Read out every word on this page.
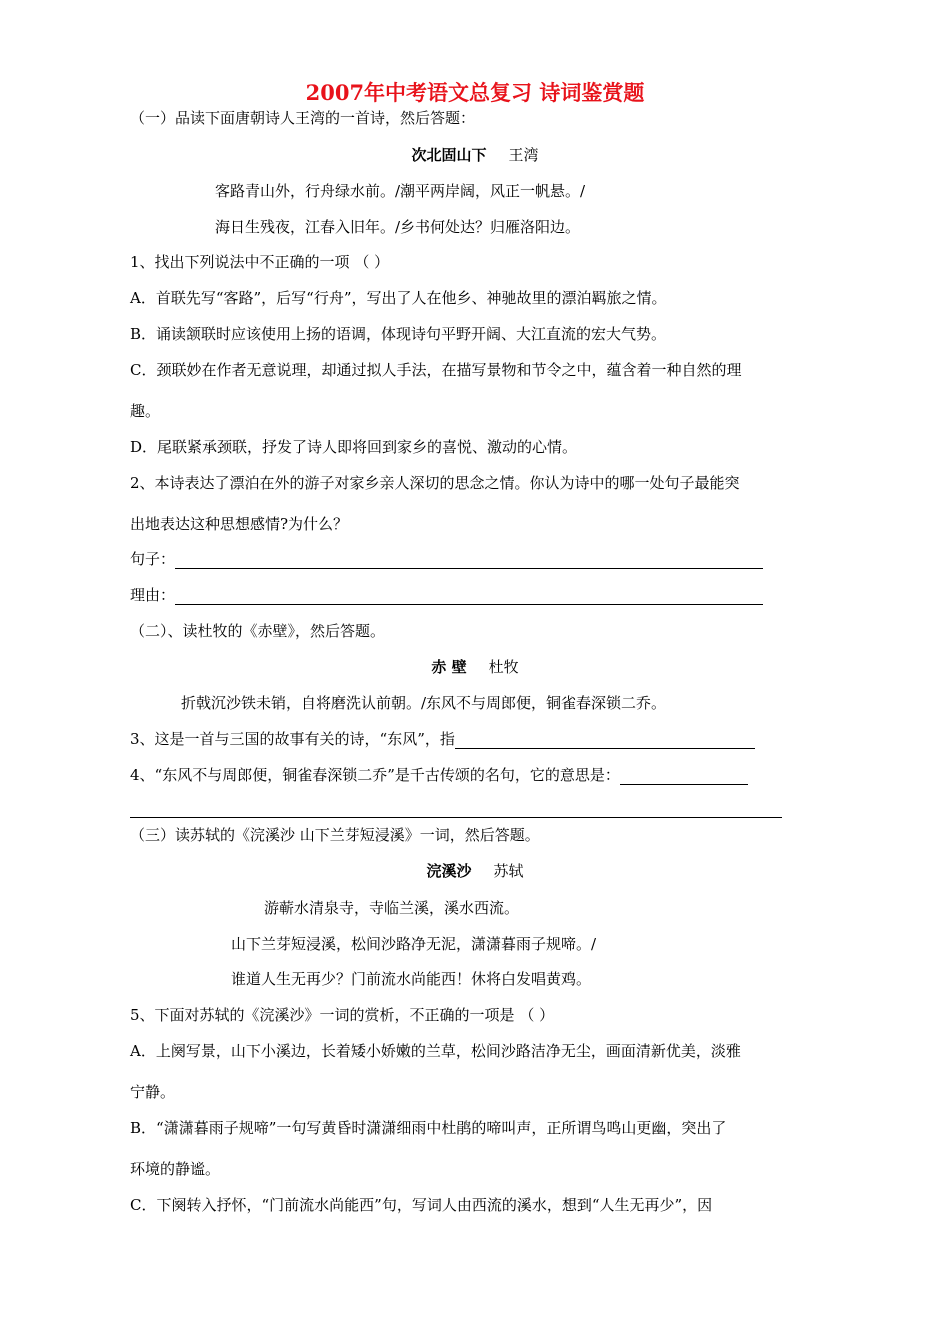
2007年中考语文总复习 诗词鉴赏题
（一）品读下面唐朝诗人王湾的一首诗，然后答题：
次北固山下 王湾
客路青山外，行舟绿水前。/潮平两岸阔，风正一帆悬。/
海日生残夜，江春入旧年。/乡书何处达？归雁洛阳边。
1、找出下列说法中不正确的一项 （ ）
A．首联先写“客路”，后写“行舟”，写出了人在他乡、神驰故里的漂泊羁旅之情。
B．诵读颔联时应该使用上扬的语调，体现诗句平野开阔、大江直流的宏大气势。
C．颈联妙在作者无意说理，却通过拟人手法，在描写景物和节令之中，蕴含着一种自然的理
趣。
D．尾联紧承颈联，抒发了诗人即将回到家乡的喜悦、激动的心情。
2、本诗表达了漂泊在外的游子对家乡亲人深切的思念之情。你认为诗中的哪一处句子最能突
出地表达这种思想感情?为什么？
句子：
理由：
（二）、读杜牧的《赤壁》，然后答题。
赤 壁 杜牧
折戟沉沙铁未销，自将磨洗认前朝。/东风不与周郎便，铜雀春深锁二乔。
3、这是一首与三国的故事有关的诗，“东风”，指
4、“东风不与周郎便，铜雀春深锁二乔”是千古传颂的名句，它的意思是：
（三）读苏轼的《浣溪沙 山下兰芽短浸溪》一词，然后答题。
浣溪沙 苏轼
游蕲水清泉寺，寺临兰溪，溪水西流。
山下兰芽短浸溪，松间沙路净无泥，潇潇暮雨子规啼。/
谁道人生无再少？门前流水尚能西！休将白发唱黄鸡。
5、下面对苏轼的《浣溪沙》一词的赏析，不正确的一项是 （ ）
A．上阕写景，山下小溪边，长着矮小娇嫩的兰草，松间沙路洁净无尘，画面清新优美，淡雅
宁静。
B．“潇潇暮雨子规啼”一句写黄昏时潇潇细雨中杜鹃的啼叫声，正所谓鸟鸣山更幽，突出了
环境的静谧。
C．下阕转入抒怀，“门前流水尚能西”句，写词人由西流的溪水，想到“人生无再少”，因
